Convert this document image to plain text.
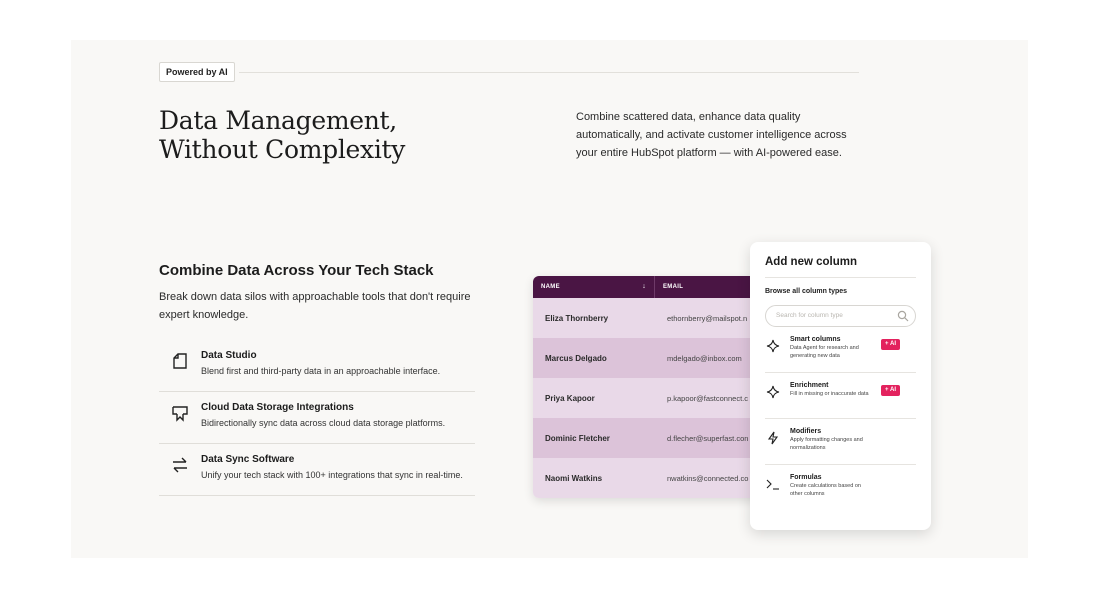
Powered by AI
Data Management,
Without Complexity

Combine scattered data, enhance data quality automatically, and activate customer intelligence across your entire HubSpot platform — with AI-powered ease.

Combine Data Across Your Tech Stack

Break down data silos with approachable tools that don't require expert knowledge.

Data Studio
Blend first and third-party data in an approachable interface.
Cloud Data Storage Integrations
Bidirectionally sync data across cloud data storage platforms.
Data Sync Software
Unify your tech stack with 100+ integrations that sync in real-time.
NAME	↓	EMAIL
Eliza Thornberry	ethornberry@mailspot.n
Marcus Delgado	mdelgado@inbox.com
Priya Kapoor	p.kapoor@fastconnect.c
Dominic Fletcher	d.flecher@superfast.con
Naomi Watkins	nwatkins@connected.co
Add new column
Browse all column types
Search for column type
Smart columns
Data Agent for research and generating new data
+ AI
Enrichment
Fill in missing or inaccurate data
+ AI
Modifiers
Apply formatting changes and normalizations
Formulas
Create calculations based on other columns
